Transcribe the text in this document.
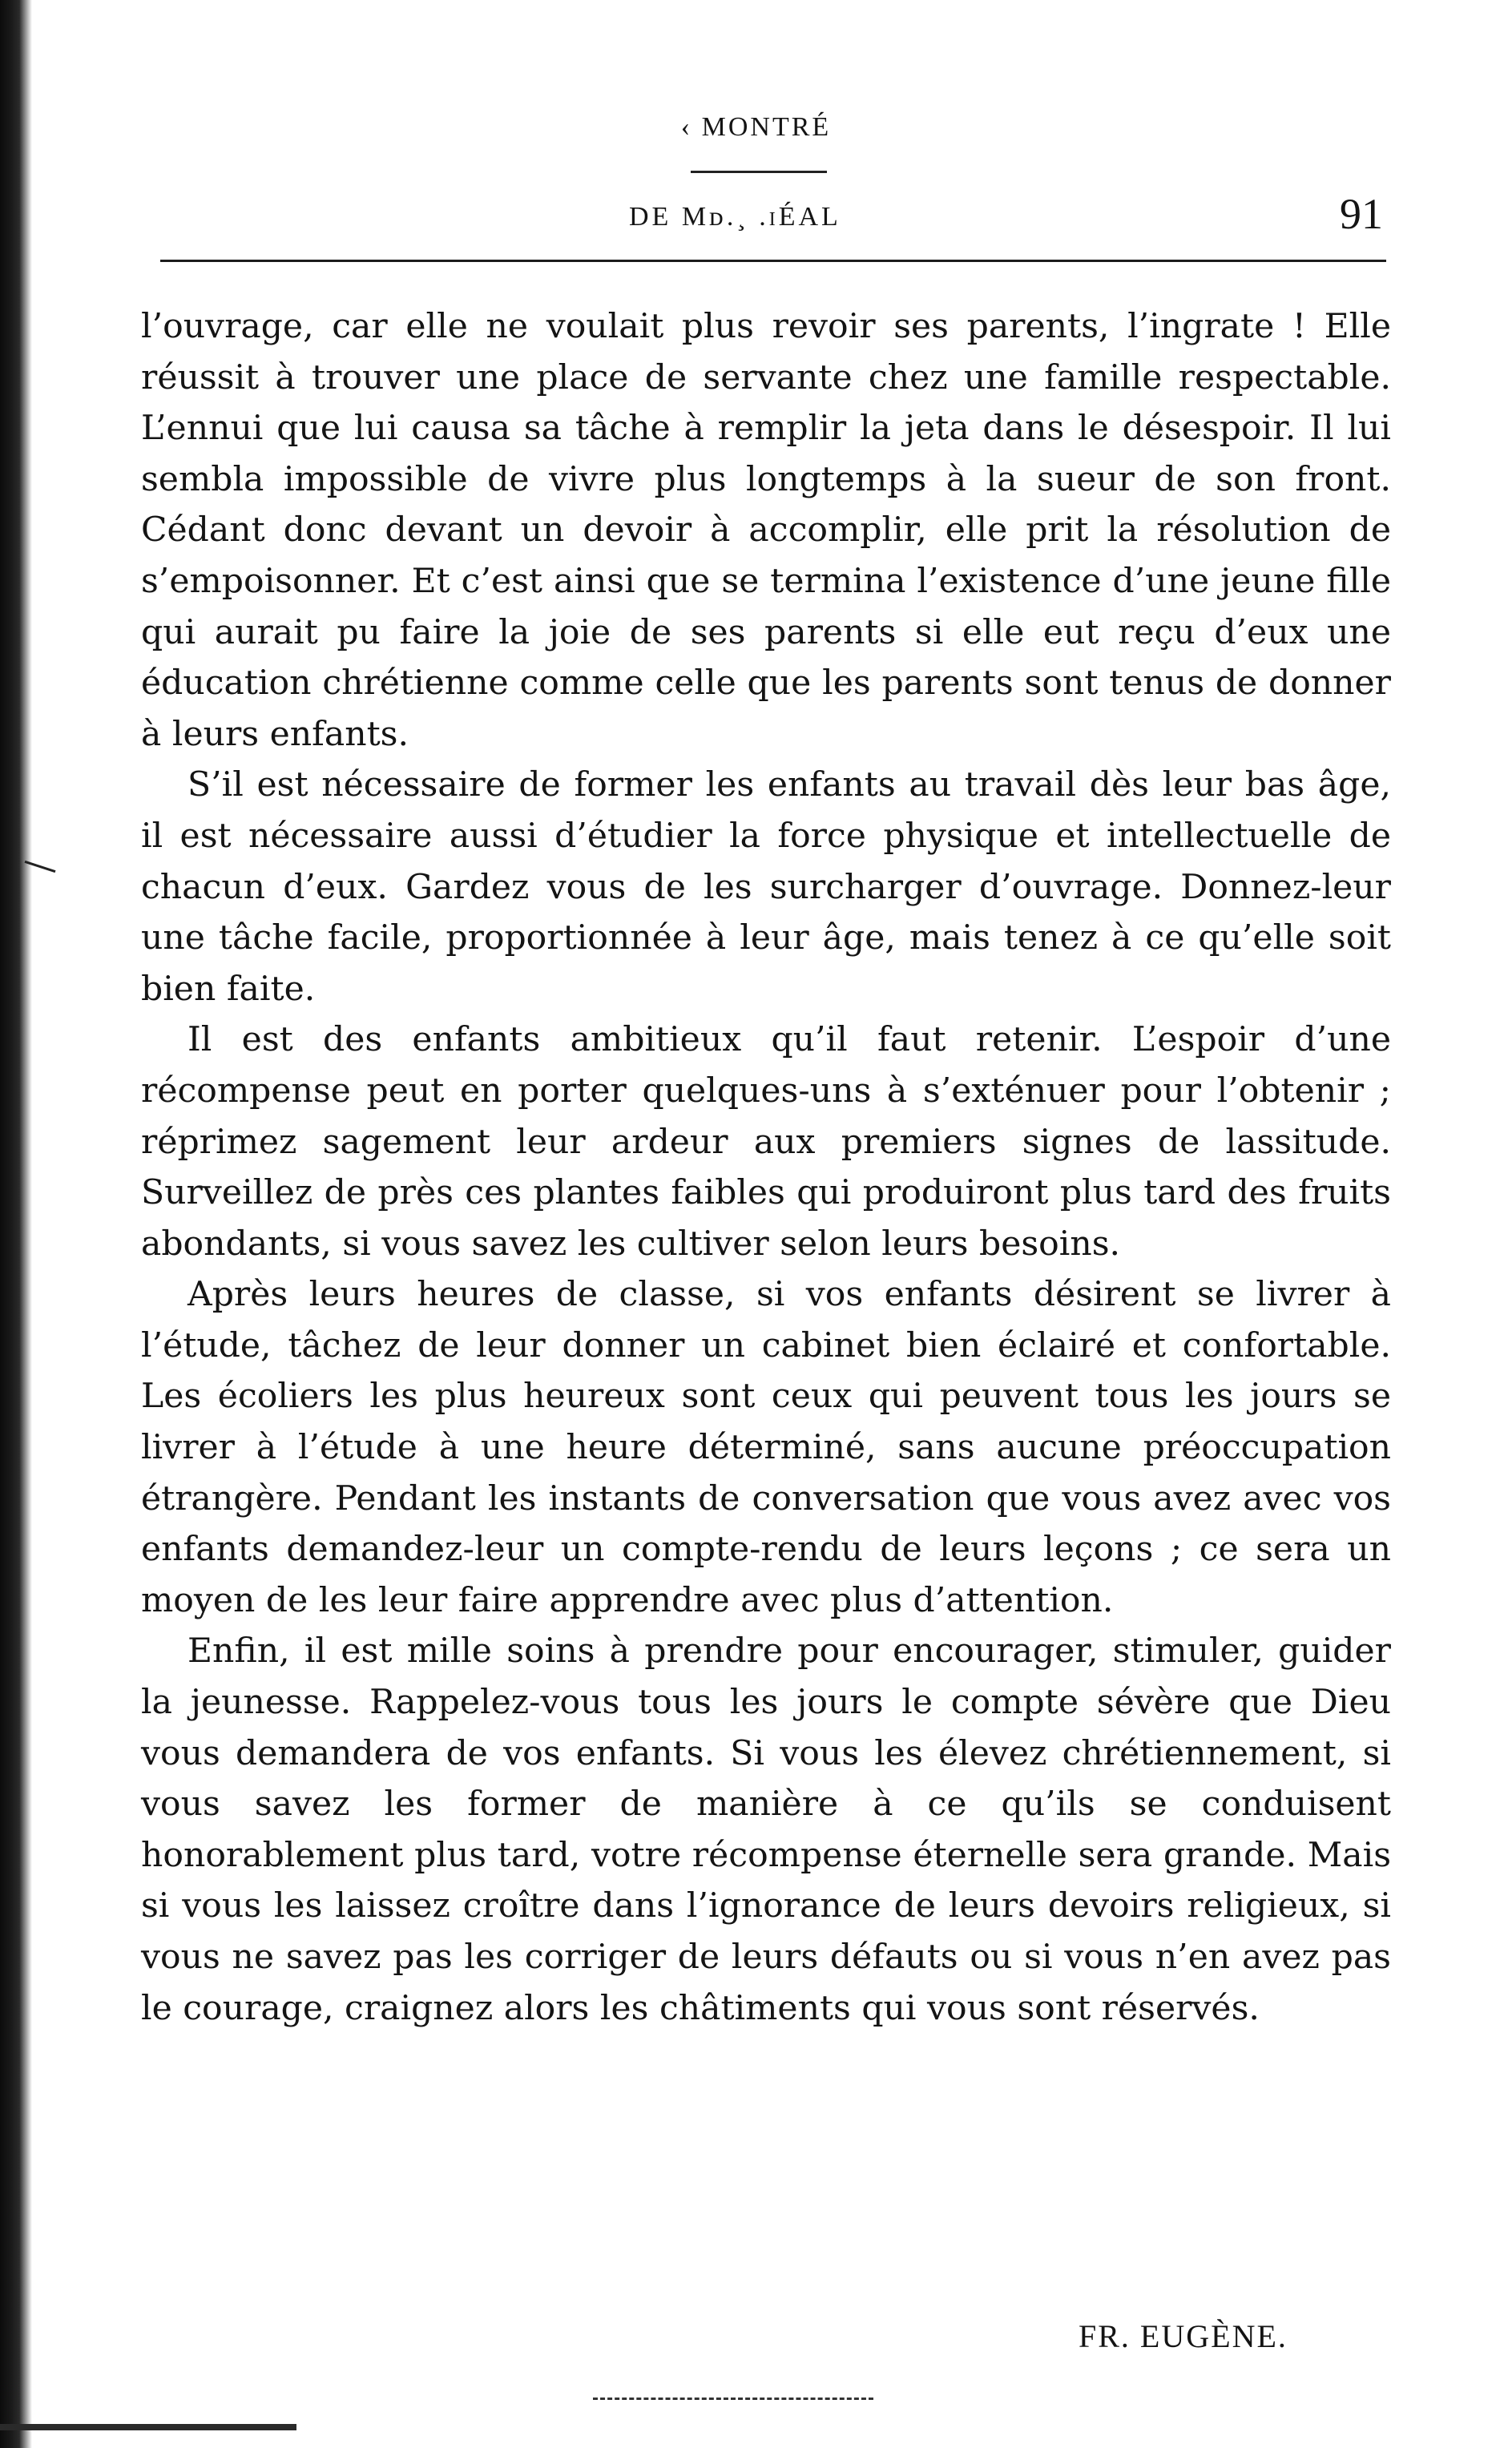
‹ MONTRÉ
DE Mᴅ.¸ .ıÉAL	91

l’ouvrage, car elle ne voulait plus revoir ses parents, l’ingrate ! Elle réussit à trouver une place de servante chez une famille respectable. L’ennui que lui causa sa tâche à remplir la jeta dans le désespoir. Il lui sembla impossible de vivre plus longtemps à la sueur de son front. Cédant donc devant un devoir à accomplir, elle prit la résolution de s’empoisonner. Et c’est ainsi que se termina l’existence d’une jeune fille qui aurait pu faire la joie de ses parents si elle eut reçu d’eux une éducation chrétienne comme celle que les parents sont tenus de donner à leurs enfants.

S’il est nécessaire de former les enfants au travail dès leur bas âge, il est nécessaire aussi d’étudier la force physique et intellectuelle de chacun d’eux. Gardez vous de les surcharger d’ouvrage. Donnez-leur une tâche facile, proportionnée à leur âge, mais tenez à ce qu’elle soit bien faite.

Il est des enfants ambitieux qu’il faut retenir. L’espoir d’une récompense peut en porter quelques-uns à s’exténuer pour l’obtenir ; réprimez sagement leur ardeur aux premiers signes de lassitude. Surveillez de près ces plantes faibles qui produiront plus tard des fruits abondants, si vous savez les cultiver selon leurs besoins.

Après leurs heures de classe, si vos enfants désirent se livrer à l’étude, tâchez de leur donner un cabinet bien éclairé et confortable. Les écoliers les plus heureux sont ceux qui peuvent tous les jours se livrer à l’étude à une heure déterminé, sans aucune préoccupation étrangère. Pendant les instants de conversation que vous avez avec vos enfants demandez-leur un compte-rendu de leurs leçons ; ce sera un moyen de les leur faire apprendre avec plus d’attention.

Enfin, il est mille soins à prendre pour encourager, stimuler, guider la jeunesse. Rappelez-vous tous les jours le compte sévère que Dieu vous demandera de vos enfants. Si vous les élevez chrétiennement, si vous savez les former de manière à ce qu’ils se conduisent honorablement plus tard, votre récompense éternelle sera grande. Mais si vous les laissez croître dans l’ignorance de leurs devoirs religieux, si vous ne savez pas les corriger de leurs défauts ou si vous n’en avez pas le courage, craignez alors les châtiments qui vous sont réservés.

FR. EUGÈNE.
